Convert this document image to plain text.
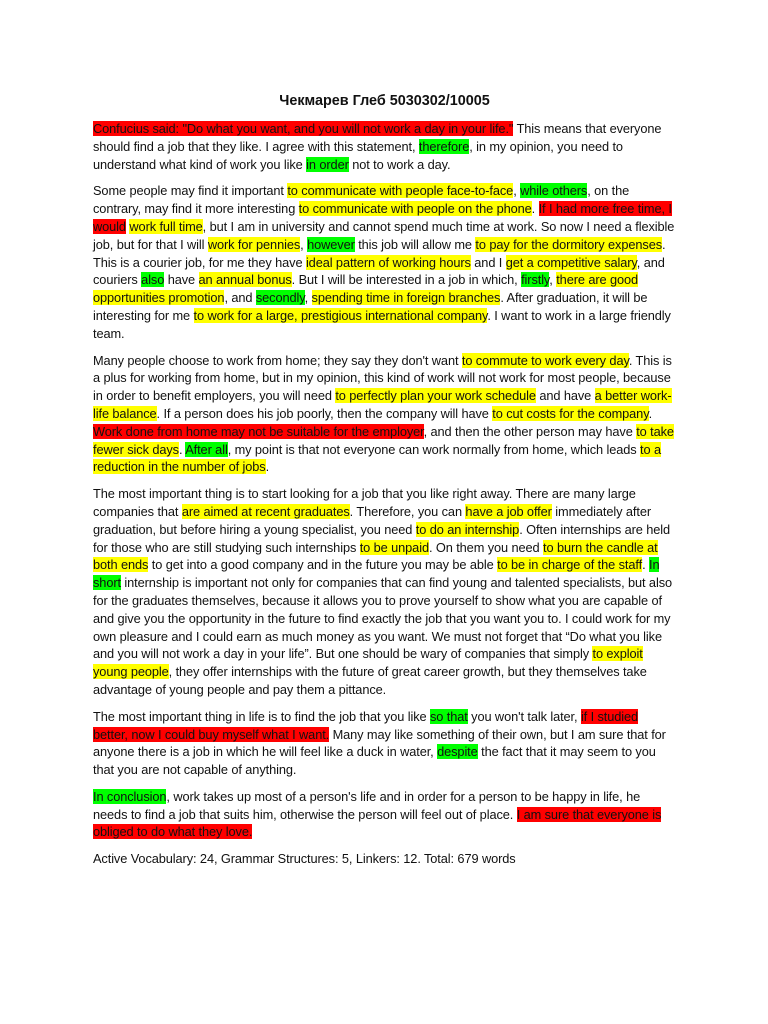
Чекмарев Глеб 5030302/10005

Confucius said: "Do what you want, and you will not work a day in your life." This means that everyone should find a job that they like. I agree with this statement, therefore, in my opinion, you need to understand what kind of work you like in order not to work a day.

Some people may find it important to communicate with people face-to-face, while others, on the contrary, may find it more interesting to communicate with people on the phone. If I had more free time, I would work full time, but I am in university and cannot spend much time at work. So now I need a flexible job, but for that I will work for pennies, however this job will allow me to pay for the dormitory expenses. This is a courier job, for me they have ideal pattern of working hours and I get a competitive salary, and couriers also have an annual bonus. But I will be interested in a job in which, firstly, there are good opportunities promotion, and secondly, spending time in foreign branches. After graduation, it will be interesting for me to work for a large, prestigious international company. I want to work in a large friendly team.

Many people choose to work from home; they say they don't want to commute to work every day. This is a plus for working from home, but in my opinion, this kind of work will not work for most people, because in order to benefit employers, you will need to perfectly plan your work schedule and have a better work-life balance. If a person does his job poorly, then the company will have to cut costs for the company. Work done from home may not be suitable for the employer, and then the other person may have to take fewer sick days. After all, my point is that not everyone can work normally from home, which leads to a reduction in the number of jobs.

The most important thing is to start looking for a job that you like right away. There are many large companies that are aimed at recent graduates. Therefore, you can have a job offer immediately after graduation, but before hiring a young specialist, you need to do an internship. Often internships are held for those who are still studying such internships to be unpaid. On them you need to burn the candle at both ends to get into a good company and in the future you may be able to be in charge of the staff. In short internship is important not only for companies that can find young and talented specialists, but also for the graduates themselves, because it allows you to prove yourself to show what you are capable of and give you the opportunity in the future to find exactly the job that you want you to. I could work for my own pleasure and I could earn as much money as you want. We must not forget that “Do what you like and you will not work a day in your life”. But one should be wary of companies that simply to exploit young people, they offer internships with the future of great career growth, but they themselves take advantage of young people and pay them a pittance.

The most important thing in life is to find the job that you like so that you won't talk later, if I studied better, now I could buy myself what I want. Many may like something of their own, but I am sure that for anyone there is a job in which he will feel like a duck in water, despite the fact that it may seem to you that you are not capable of anything.

In conclusion, work takes up most of a person's life and in order for a person to be happy in life, he needs to find a job that suits him, otherwise the person will feel out of place. I am sure that everyone is obliged to do what they love.

Active Vocabulary: 24, Grammar Structures: 5, Linkers: 12. Total: 679 words
